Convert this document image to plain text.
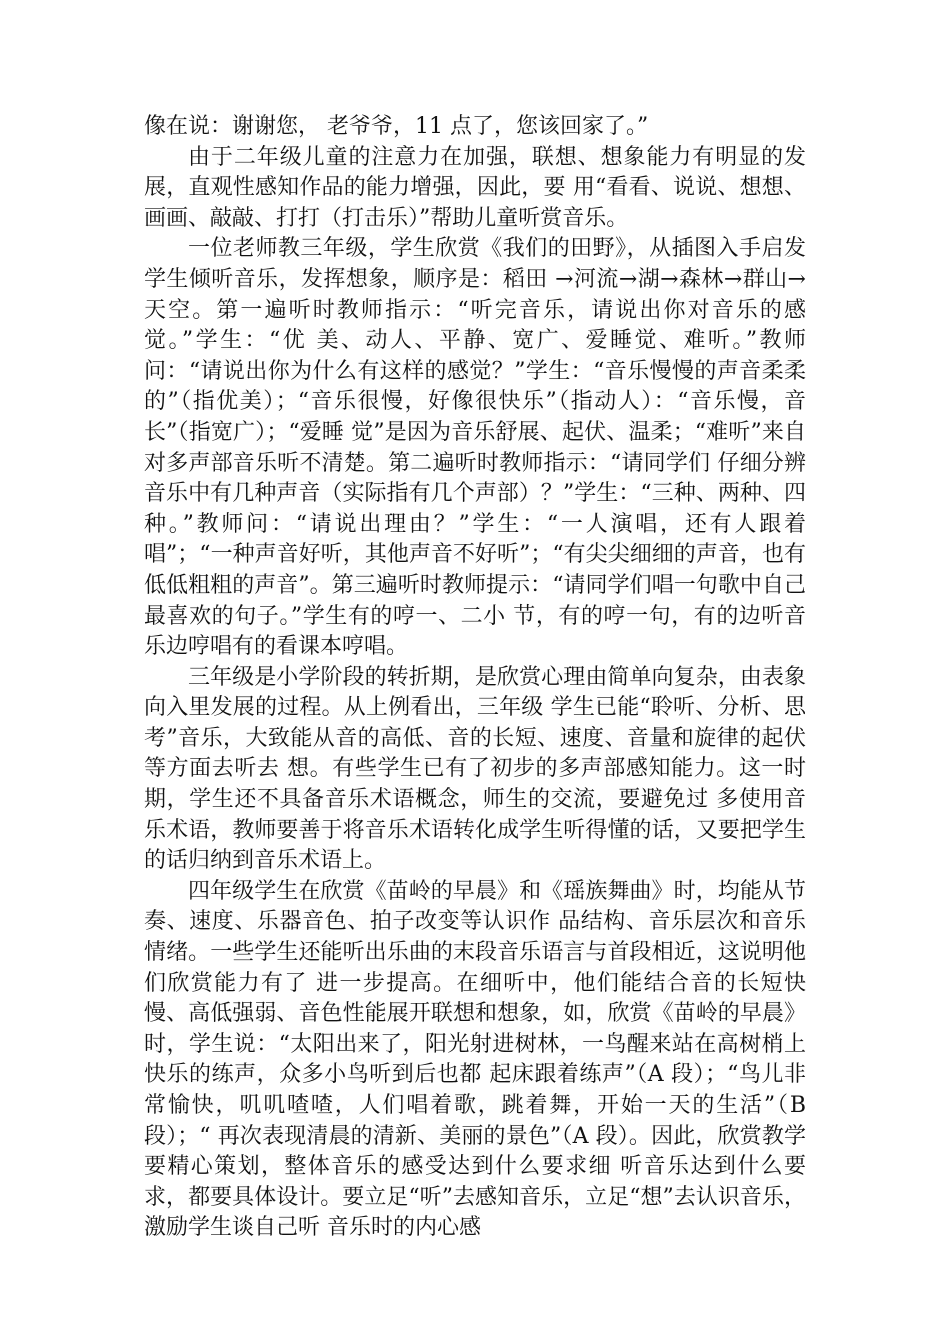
像在说：谢谢您， 老爷爷，11 点了，您该回家了。”

由于二年级儿童的注意力在加强，联想、想象能力有明显的发展，直观性感知作品的能力增强，因此，要 用“看看、说说、想想、画画、敲敲、打打（打击乐）”帮助儿童听赏音乐。

一位老师教三年级，学生欣赏《我们的田野》，从插图入手启发学生倾听音乐，发挥想象，顺序是：稻田 →河流→湖→森林→群山→天空。第一遍听时教师指示：“听完音乐，请说出你对音乐的感觉。”学生：“优 美、动人、平静、宽广、爱睡觉、难听。”教师问：“请说出你为什么有这样的感觉？”学生：“音乐慢慢的声音柔柔的”（指优美）；“音乐很慢，好像很快乐”（指动人）：“音乐慢，音长”（指宽广）；“爱睡 觉”是因为音乐舒展、起伏、温柔；“难听”来自对多声部音乐听不清楚。第二遍听时教师指示：“请同学们 仔细分辨音乐中有几种声音（实际指有几个声部）？”学生：“三种、两种、四种。”教师问：“请说出理由？”学生：“一人演唱，还有人跟着唱”；“一种声音好听，其他声音不好听”；“有尖尖细细的声音，也有 低低粗粗的声音”。第三遍听时教师提示：“请同学们唱一句歌中自己最喜欢的句子。”学生有的哼一、二小 节，有的哼一句，有的边听音乐边哼唱有的看课本哼唱。

三年级是小学阶段的转折期，是欣赏心理由简单向复杂，由表象向入里发展的过程。从上例看出，三年级 学生已能“聆听、分析、思考”音乐，大致能从音的高低、音的长短、速度、音量和旋律的起伏等方面去听去 想。有些学生已有了初步的多声部感知能力。这一时期，学生还不具备音乐术语概念，师生的交流，要避免过 多使用音乐术语，教师要善于将音乐术语转化成学生听得懂的话，又要把学生的话归纳到音乐术语上。

四年级学生在欣赏《苗岭的早晨》和《瑶族舞曲》时，均能从节奏、速度、乐器音色、拍子改变等认识作 品结构、音乐层次和音乐情绪。一些学生还能听出乐曲的末段音乐语言与首段相近，这说明他们欣赏能力有了 进一步提高。在细听中，他们能结合音的长短快慢、高低强弱、音色性能展开联想和想象，如，欣赏《苗岭的早晨》时，学生说：“太阳出来了，阳光射进树林，一鸟醒来站在高树梢上快乐的练声，众多小鸟听到后也都 起床跟着练声”（A 段）；“鸟儿非常愉快，叽叽喳喳，人们唱着歌，跳着舞，开始一天的生活”（B 段）；“ 再次表现清晨的清新、美丽的景色”（A 段）。因此，欣赏教学要精心策划，整体音乐的感受达到什么要求细 听音乐达到什么要求，都要具体设计。要立足“听”去感知音乐，立足“想”去认识音乐，激励学生谈自己听 音乐时的内心感
